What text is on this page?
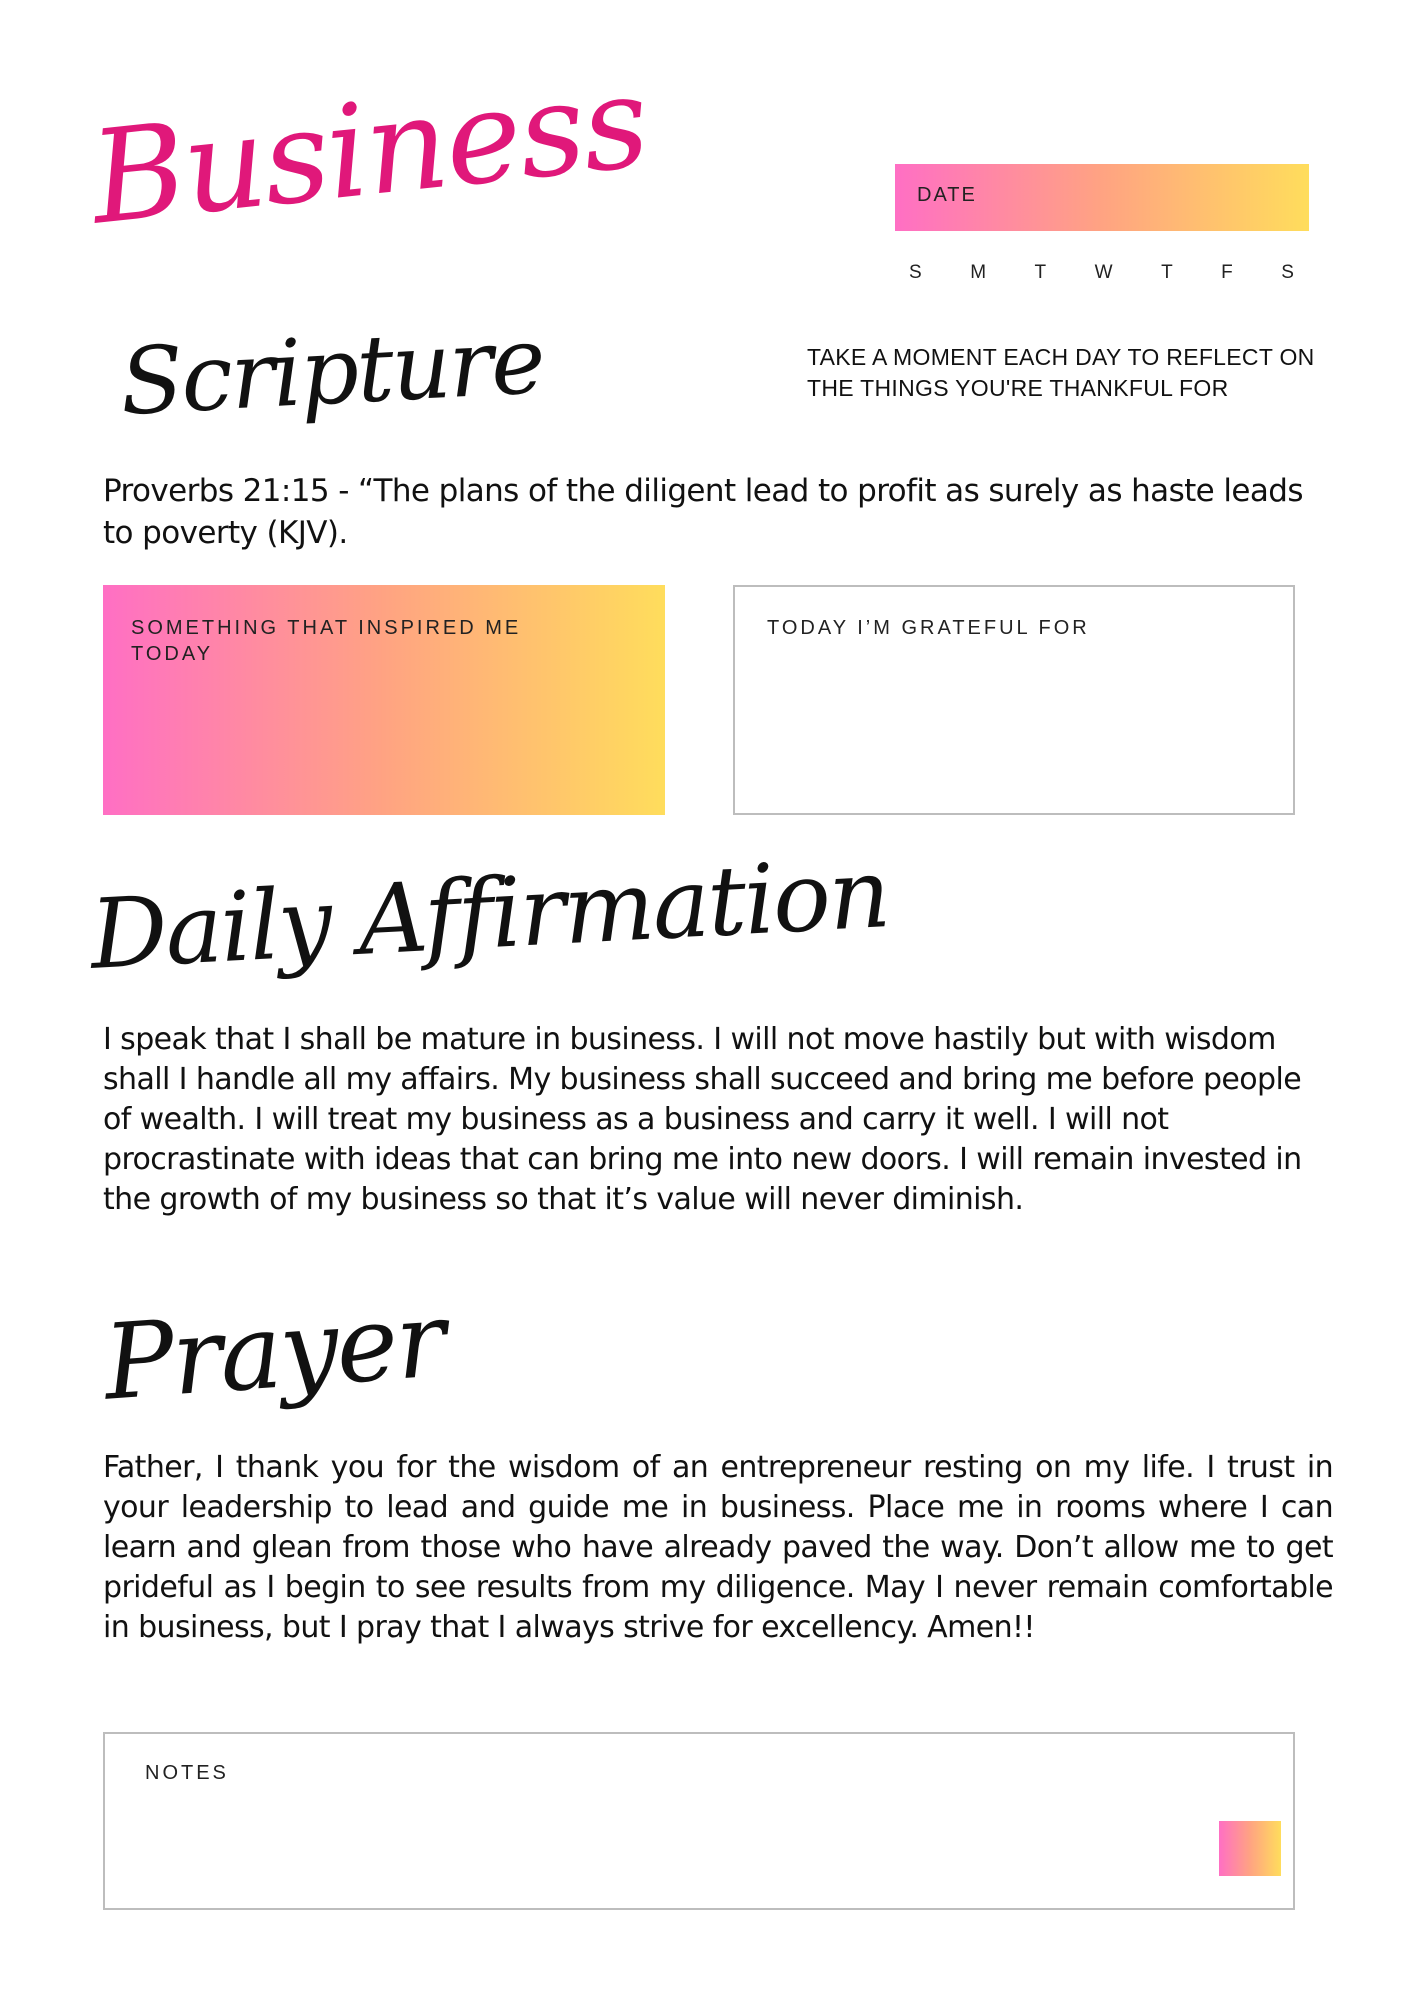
Business	DATE
S	M	T	W	T	F	S
Scripture	TAKE A MOMENT EACH DAY TO REFLECT ON THE THINGS YOU'RE THANKFUL FOR
Proverbs 21:15 - “The plans of the diligent lead to profit as surely as haste leads to poverty (KJV).
SOMETHING THAT INSPIRED ME TODAY
TODAY I’M GRATEFUL FOR
Daily Affirmation
I speak that I shall be mature in business. I will not move hastily but with wisdom shall I handle all my affairs. My business shall succeed and bring me before people of wealth. I will treat my business as a business and carry it well. I will not procrastinate with ideas that can bring me into new doors. I will remain invested in the growth of my business so that it’s value will never diminish.
Prayer
Father, I thank you for the wisdom of an entrepreneur resting on my life. I trust in your leadership to lead and guide me in business. Place me in rooms where I can learn and glean from those who have already paved the way. Don’t allow me to get prideful as I begin to see results from my diligence. May I never remain comfortable in business, but I pray that I always strive for excellency. Amen!!
NOTES
